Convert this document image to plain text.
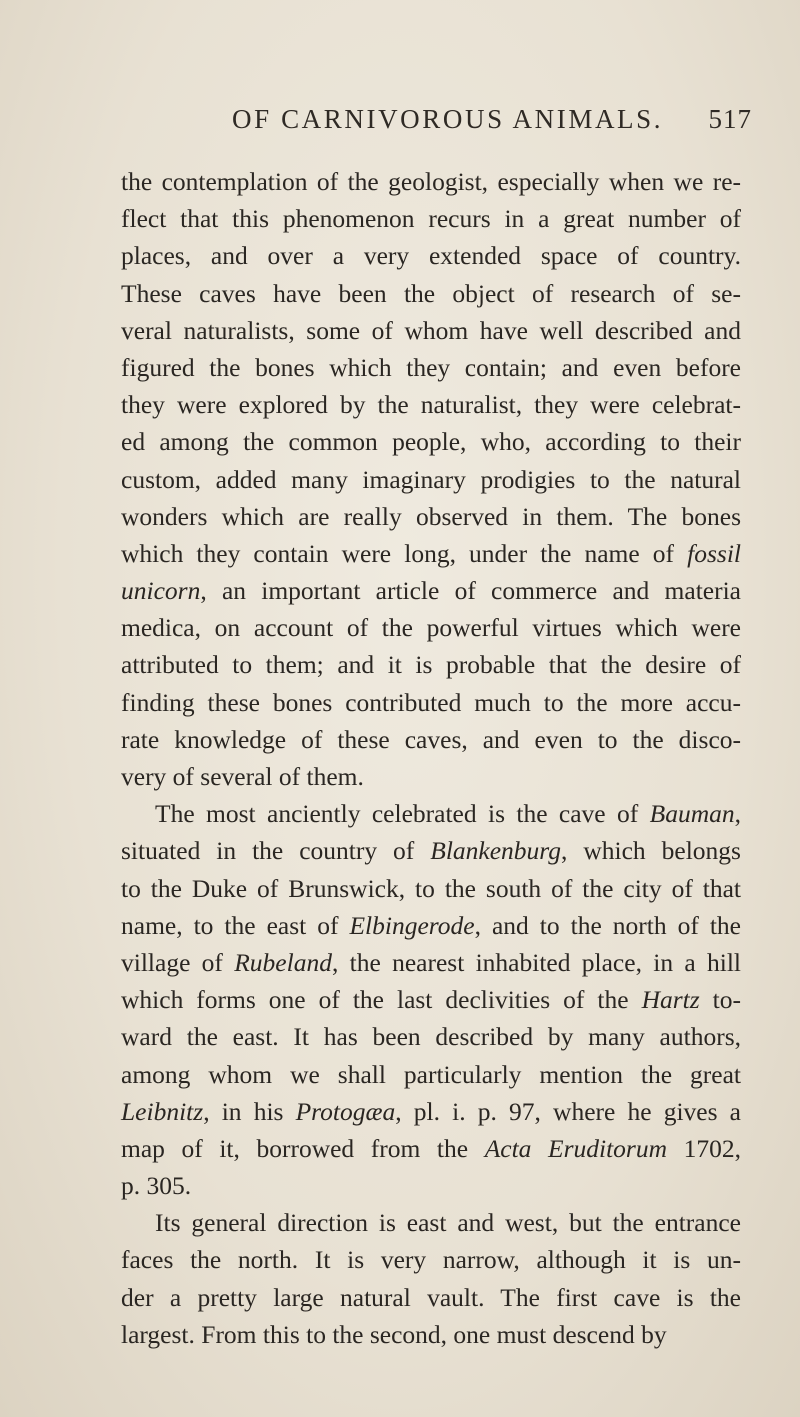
OF CARNIVOROUS ANIMALS. 517
the contemplation of the geologist, especially when we re-
flect that this phenomenon recurs in a great number of
places, and over a very extended space of country.
These caves have been the object of research of se-
veral naturalists, some of whom have well described and
figured the bones which they contain; and even before
they were explored by the naturalist, they were celebrat-
ed among the common people, who, according to their
custom, added many imaginary prodigies to the natural
wonders which are really observed in them. The bones
which they contain were long, under the name of fossil
unicorn, an important article of commerce and materia
medica, on account of the powerful virtues which were
attributed to them; and it is probable that the desire of
finding these bones contributed much to the more accu-
rate knowledge of these caves, and even to the disco-
very of several of them.
The most anciently celebrated is the cave of Bauman,
situated in the country of Blankenburg, which belongs
to the Duke of Brunswick, to the south of the city of that
name, to the east of Elbingerode, and to the north of the
village of Rubeland, the nearest inhabited place, in a hill
which forms one of the last declivities of the Hartz to-
ward the east. It has been described by many authors,
among whom we shall particularly mention the great
Leibnitz, in his Protogæa, pl. i. p. 97, where he gives a
map of it, borrowed from the Acta Eruditorum 1702,
p. 305.
Its general direction is east and west, but the entrance
faces the north. It is very narrow, although it is un-
der a pretty large natural vault. The first cave is the
largest. From this to the second, one must descend by
